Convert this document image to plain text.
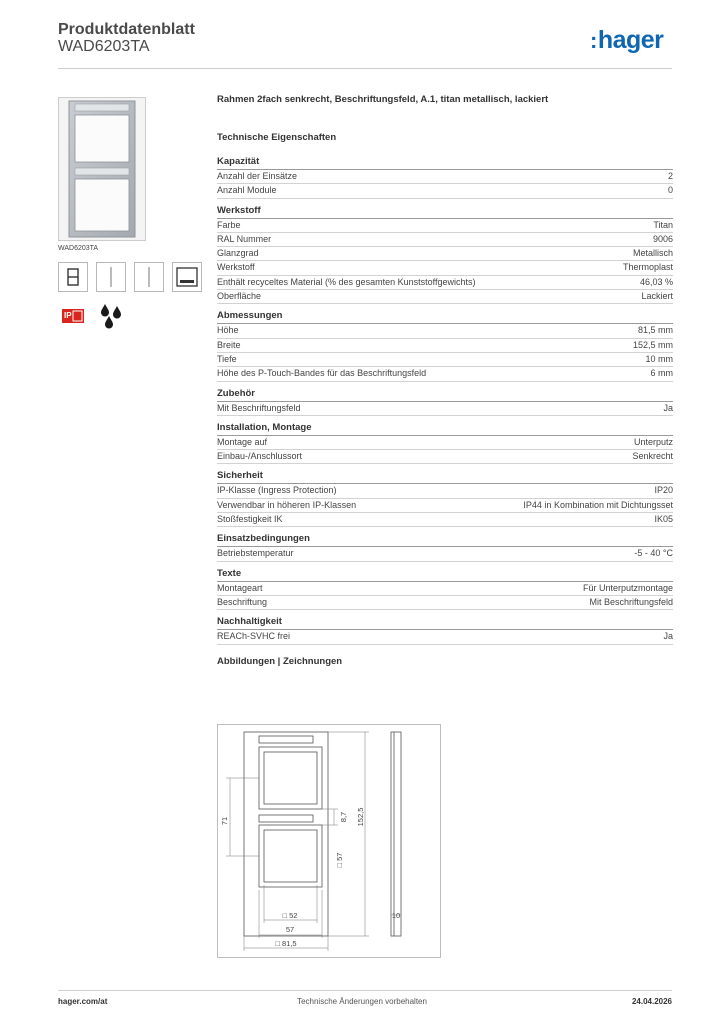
Produktdatenblatt
WAD6203TA	:hager
WAD6203TA
IP
Rahmen 2fach senkrecht, Beschriftungsfeld, A.1, titan metallisch, lackiert
Technische Eigenschaften
Kapazität
Anzahl der Einsätze	2
Anzahl Module	0
Werkstoff
Farbe	Titan
RAL Nummer	9006
Glanzgrad	Metallisch
Werkstoff	Thermoplast
Enthält recyceltes Material (% des gesamten Kunststoffgewichts)	46,03 %
Oberfläche	Lackiert
Abmessungen
Höhe	81,5 mm
Breite	152,5 mm
Tiefe	10 mm
Höhe des P-Touch-Bandes für das Beschriftungsfeld	6 mm
Zubehör
Mit Beschriftungsfeld	Ja
Installation, Montage
Montage auf	Unterputz
Einbau-/Anschlussort	Senkrecht
Sicherheit
IP-Klasse (Ingress Protection)	IP20
Verwendbar in höheren IP-Klassen	IP44 in Kombination mit Dichtungsset
Stoßfestigkeit IK	IK05
Einsatzbedingungen
Betriebstemperatur	-5 - 40 °C
Texte
Montageart	Für Unterputzmontage
Beschriftung	Mit Beschriftungsfeld
Nachhaltigkeit
REACh-SVHC frei	Ja
Abbildungen | Zeichnungen
71	8,7 152,5
□ 57
□ 52
57
□ 81,5
10
hager.com/at	Technische Änderungen vorbehalten	24.04.2026
